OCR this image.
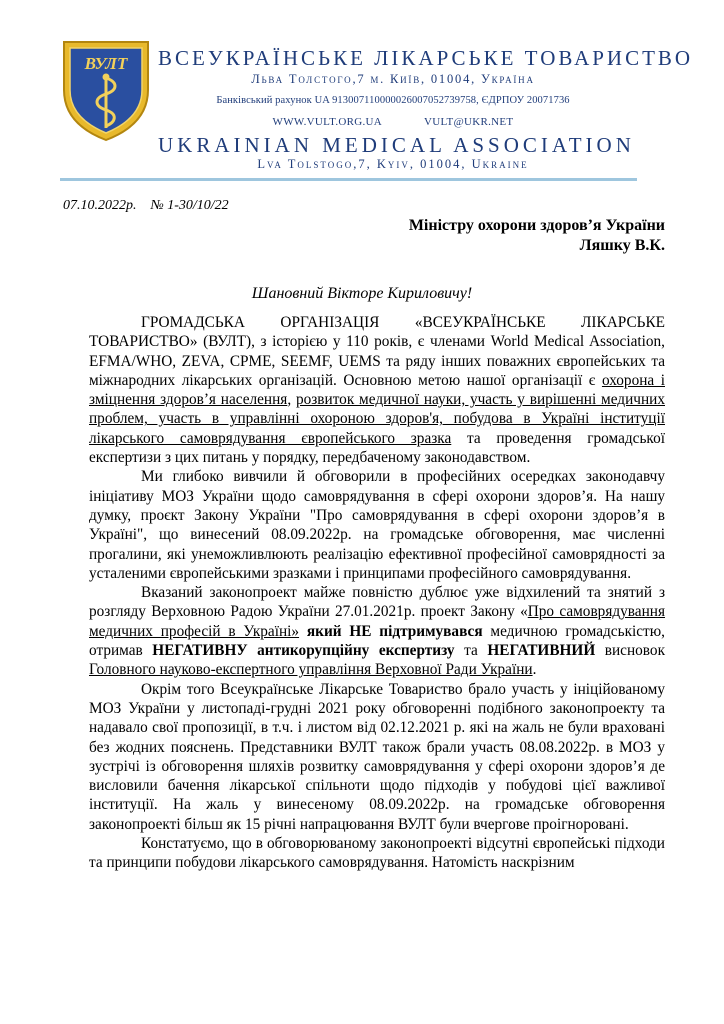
ВУЛТ ВСЕУКРАЇНСЬКЕ ЛІКАРСЬКЕ ТОВАРИСТВО
Льва Толстого,7 м. Київ, 01004, Україна
Банківський рахунок UA 913007110000026007052739758, ЄДРПОУ 20071736
WWW.VULT.ORG.UA	VULT@UKR.NET
UKRAINIAN MEDICAL ASSOCIATION
Lva Tolstogo,7, Kyiv, 01004, Ukraine
07.10.2022р. № 1-30/10/22
Міністру охорони здоров’я України
Ляшку В.К.
Шановний Вікторе Кириловичу!

ГРОМАДСЬКА ОРГАНІЗАЦІЯ «ВСЕУКРАЇНСЬКЕ ЛІКАРСЬКЕ ТОВАРИСТВО» (ВУЛТ), з історією у 110 років, є членами World Medical Association, EFMA/WHO, ZEVA, CPME, SEEMF, UEMS та ряду інших поважних європейських та міжнародних лікарських організацій. Основною метою нашої організації є охорона і зміцнення здоров’я населення, розвиток медичної науки, участь у вирішенні медичних проблем, участь в управлінні охороною здоров'я, побудова в Україні інституції лікарського самоврядування європейського зразка та проведення громадської експертизи з цих питань у порядку, передбаченому законодавством.

Ми глибоко вивчили й обговорили в професійних осередках законодавчу ініціативу МОЗ України щодо самоврядування в сфері охорони здоров’я. На нашу думку, проєкт Закону України "Про самоврядування в сфері охорони здоров’я в Україні", що винесений 08.09.2022р. на громадське обговорення, має численні прогалини, які унеможливлюють реалізацію ефективної професійної самоврядності за усталеними європейськими зразками і принципами професійного самоврядування.

Вказаний законопроект майже повністю дублює уже відхилений та знятий з розгляду Верховною Радою України 27.01.2021р. проект Закону «Про самоврядування медичних професій в Україні» який НЕ підтримувався медичною громадськістю, отримав НЕГАТИВНУ антикорупційну експертизу та НЕГАТИВНИЙ висновок Головного науково-експертного управління Верховної Ради України.

Окрім того Всеукраїнське Лікарське Товариство брало участь у ініційованому МОЗ України у листопаді-грудні 2021 року обговоренні подібного законопроекту та надавало свої пропозиції, в т.ч. і листом від 02.12.2021 р. які на жаль не були враховані без жодних пояснень. Представники ВУЛТ також брали участь 08.08.2022р. в МОЗ у зустрічі із обговорення шляхів розвитку самоврядування у сфері охорони здоров’я де висловили бачення лікарської спільноти щодо підходів у побудові цієї важливої інституції. На жаль у винесеному 08.09.2022р. на громадське обговорення законопроекті більш як 15 річні напрацювання ВУЛТ були вчергове проігноровані.

Констатуємо, що в обговорюваному законопроекті відсутні європейські підходи та принципи побудови лікарського самоврядування. Натомість наскрізним
